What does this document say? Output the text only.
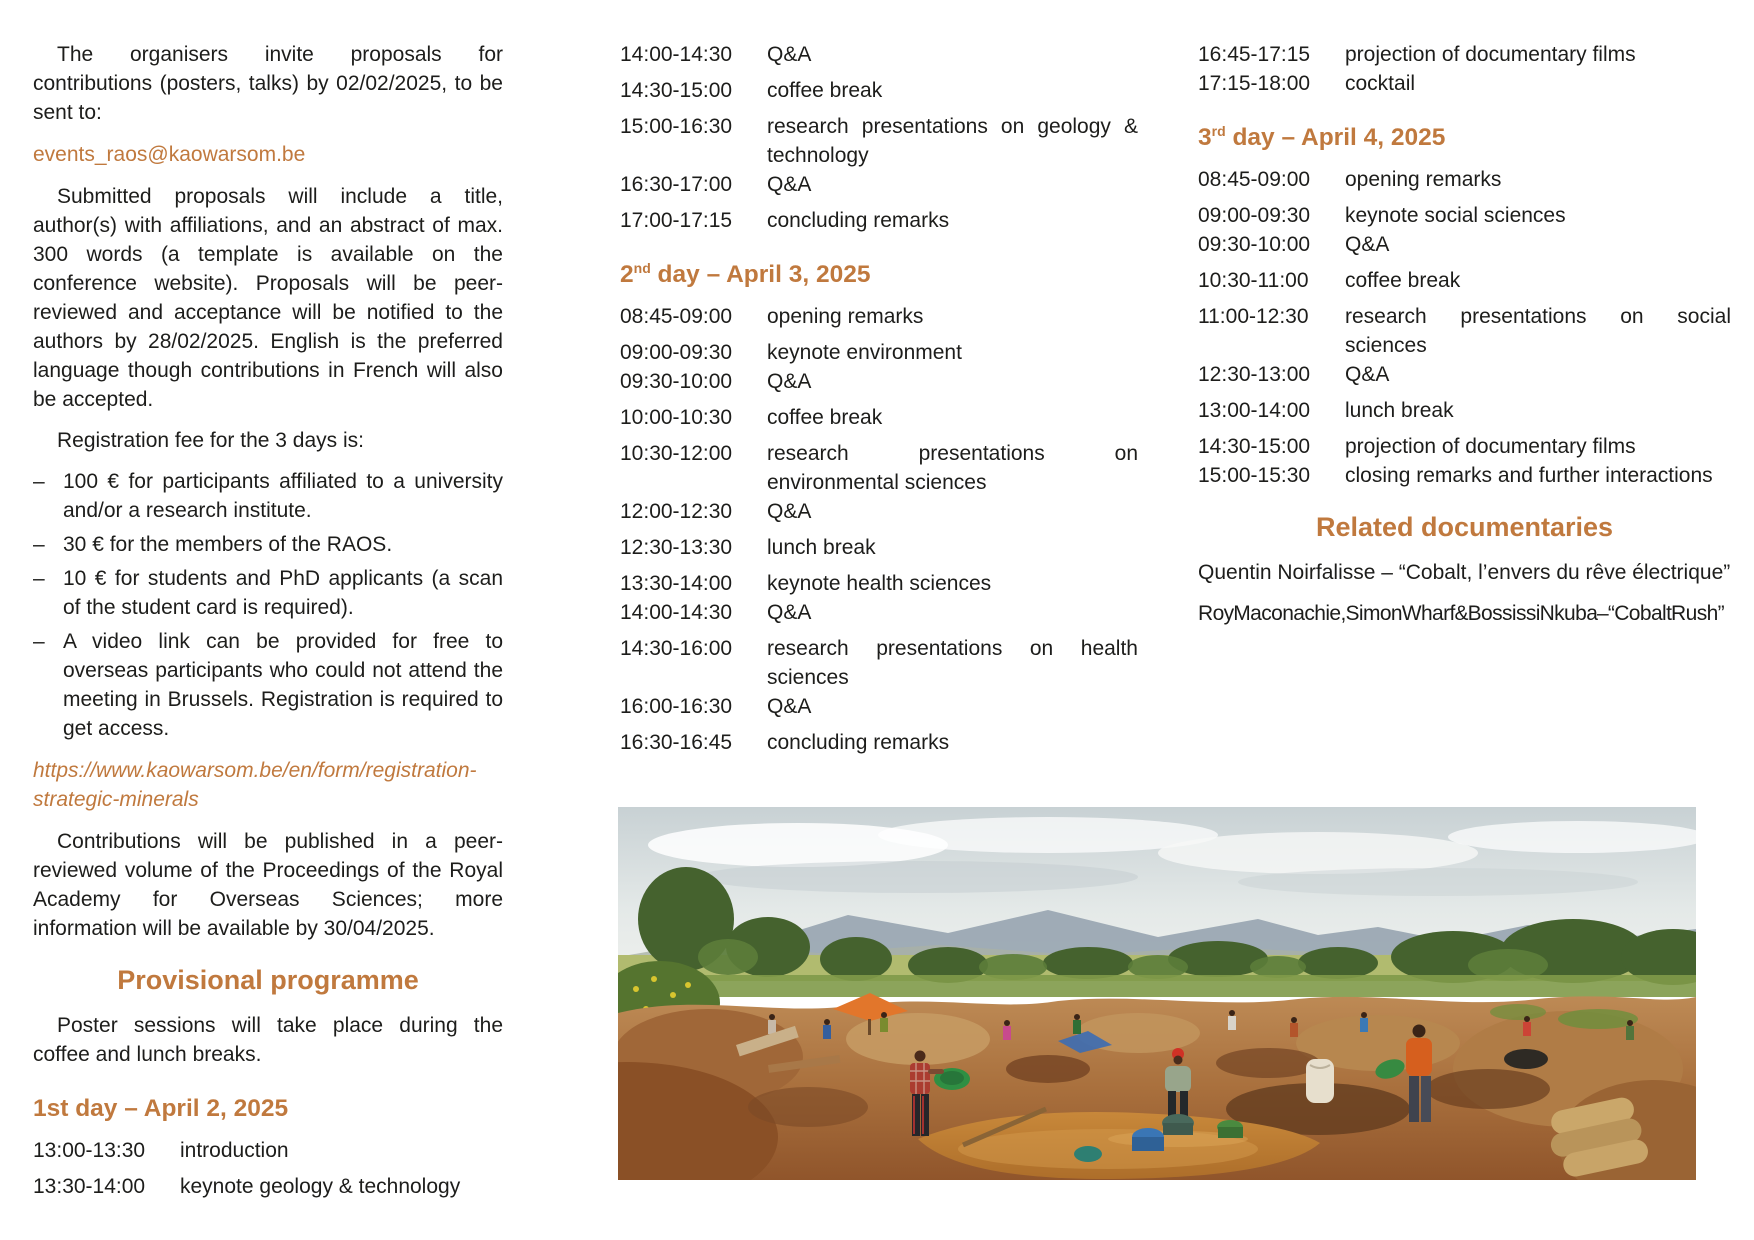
The organisers invite proposals for contributions (posters, talks) by 02/02/2025, to be sent to:

events_raos@kaowarsom.be

Submitted proposals will include a title, author(s) with affiliations, and an abstract of max. 300 words (a template is available on the conference website). Proposals will be peer-reviewed and acceptance will be notified to the authors by 28/02/2025. English is the preferred language though contributions in French will also be accepted.

Registration fee for the 3 days is:

– 100 € for participants affiliated to a university and/or a research institute.
– 30 € for the members of the RAOS.
– 10 € for students and PhD applicants (a scan of the student card is required).
– A video link can be provided for free to overseas participants who could not attend the meeting in Brussels. Registration is required to get access.

https://www.kaowarsom.be/en/form/registration-strategic-minerals

Contributions will be published in a peer-reviewed volume of the Proceedings of the Royal Academy for Overseas Sciences; more information will be available by 30/04/2025.

Provisional programme

Poster sessions will take place during the coffee and lunch breaks.

1st day – April 2, 2025
13:00-13:30	introduction
13:30-14:00	keynote geology & technology
14:00-14:30	Q&A
14:30-15:00	coffee break
15:00-16:30	research presentations on geology & technology
16:30-17:00	Q&A
17:00-17:15	concluding remarks
2nd day – April 3, 2025
08:45-09:00	opening remarks
09:00-09:30	keynote environment
09:30-10:00	Q&A
10:00-10:30	coffee break
10:30-12:00	research presentations on environmental sciences
12:00-12:30	Q&A
12:30-13:30	lunch break
13:30-14:00	keynote health sciences
14:00-14:30	Q&A
14:30-16:00	research presentations on health sciences
16:00-16:30	Q&A
16:30-16:45	concluding remarks
16:45-17:15	projection of documentary films
17:15-18:00	cocktail
3rd day – April 4, 2025
08:45-09:00	opening remarks
09:00-09:30	keynote social sciences
09:30-10:00	Q&A
10:30-11:00	coffee break
11:00-12:30	research presentations on social sciences
12:30-13:00	Q&A
13:00-14:00	lunch break
14:30-15:00	projection of documentary films
15:00-15:30	closing remarks and further interactions
Related documentaries

Quentin Noirfalisse – “Cobalt, l’envers du rêve électrique”

Roy Maconachie, Simon Wharf & Bossissi Nkuba – “Cobalt Rush”
